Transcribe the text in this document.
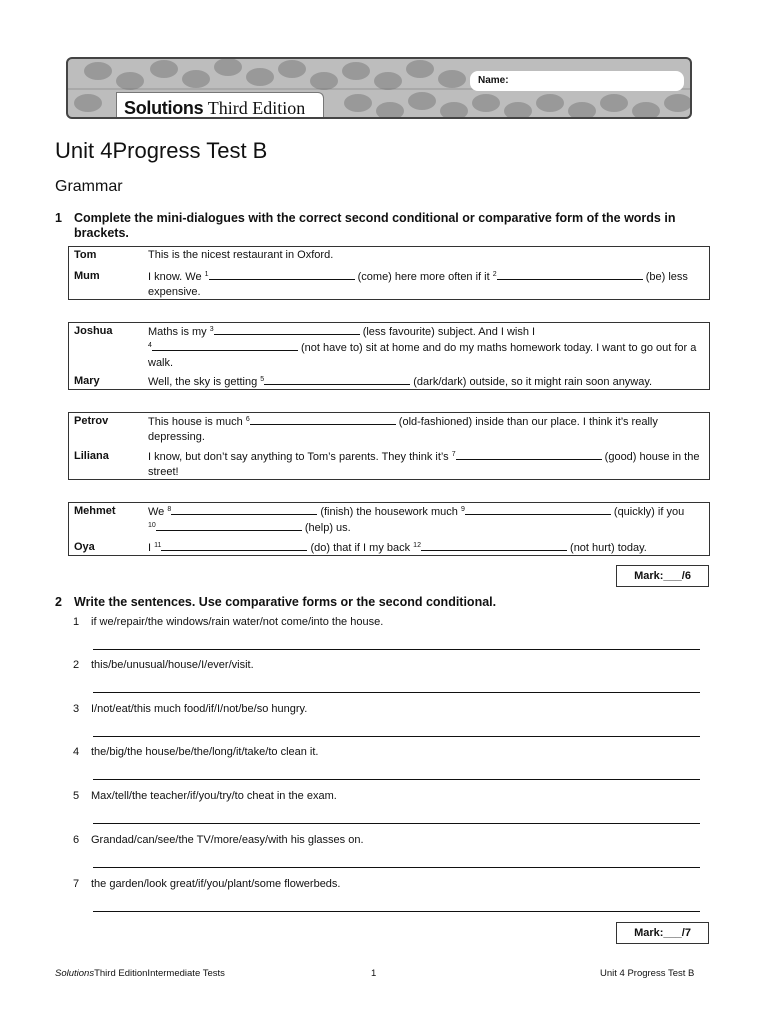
Name:
Solutions Third Edition
Unit 4Progress Test B
Grammar
1 Complete the mini-dialogues with the correct second conditional or comparative form of the words in brackets.
Tom	This is the nicest restaurant in Oxford.
Mum	I know. We $^1$	(come) here more often if it $^2$	(be) less expensive.
Joshua	Maths is my $^3$	(less favourite) subject. And I wish I
$^4$	(not have to) sit at home and do my maths homework today. I want to go out for a walk.
Mary	Well, the sky is getting $^5$	(dark/dark) outside, so it might rain soon anyway.
Petrov	This house is much $^6$	(old-fashioned) inside than our place. I think it’s really depressing.
Liliana	I know, but don’t say anything to Tom’s parents. They think it’s $^7$	(good) house in the street!
Mehmet	We $^8$	(finish) the housework much $^9$	(quickly) if you
$^{10}$	(help) us.
Oya	I $^{11}$	(do) that if I my back $^{12}$	(not hurt) today.
Mark:___/6
2 Write the sentences. Use comparative forms or the second conditional.
1 if we/repair/the windows/rain water/not come/into the house.
2 this/be/unusual/house/I/ever/visit.
3 I/not/eat/this much food/if/I/not/be/so hungry.
4 the/big/the house/be/the/long/it/take/to clean it.
5 Max/tell/the teacher/if/you/try/to cheat in the exam.
6 Grandad/can/see/the TV/more/easy/with his glasses on.
7 the garden/look great/if/you/plant/some flowerbeds.
Mark:___/7
SolutionsThird EditionIntermediate Tests	1	Unit 4 Progress Test B
